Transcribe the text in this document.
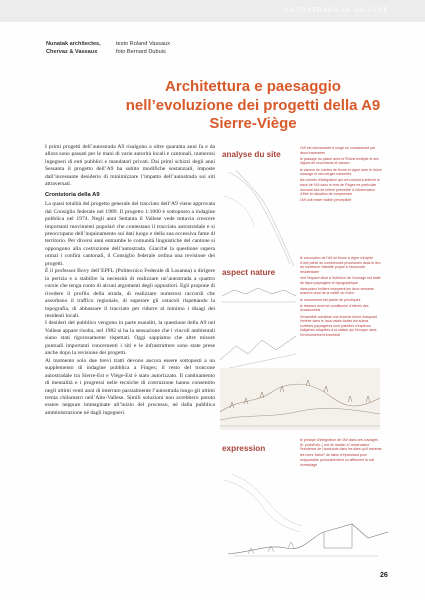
AUTOSTRADA A9 VALLESE
Nunatak architectes,
Chervaz & Vassaux
testo Roland Vassaux
foto Bernard Dubuis
Architettura e paesaggio nell’evoluzione dei progetti della A9 Sierre-Viège

I primi progetti dell’autostrada A9 risalgono a oltre quaranta anni fa e da allora sono passati per le mani di varie autorità locali e cantonali, numerosi ingegneri di enti pubblici e mandatari privati. Dai primi schizzi degli anni Sessanta il progetto dell’A9 ha subito modifiche sostanziali, imposte dall’incessante desiderio di minimizzare l’impatto dell’autostrada sui siti attraversati.

Cronistoria della A9

La quasi totalità del progetto generale del tracciato dell’A9 viene approvata dal Consiglio federale nel 1989. Il progetto 1:1000 è sottoposto a indagine pubblica nel 1974. Negli anni Settanta il Vallese vede tuttavia crescere importanti movimenti popolari che contestano il tracciato autostradale e si preoccupano dell’inquinamento sui dati luogo e della sua eccessiva fame di territorio. Per diversi anni entrambe le comunità linguistiche del cantone si oppongono alla costruzione dell’autostrada. Giacché la questione supera ormai i confini cantonali, il Consiglio federale ordina una revisione dei progetti.

È il professor Bovy dell’EPFL (Politecnico Federale di Losanna) a dirigere la perizia e a stabilire la necessità di realizzare un’autostrada a quattro corsie che tenga conto di alcuni argomenti degli oppositori. Egli propone di rivedere il profilo della strada, di realizzare numerosi raccordi che assorbano il traffico regionale, di superare gli ostacoli rispettando la topografia, di abbassare il tracciato per ridurre al minimo i disagi dei residenti locali.

I desideri del pubblico vengono in parte esauditi, la questione della A9 nel Vallese appare risolta, nel 1982 si ha la sensazione che i vincoli ambientali siano stati rigorosamente rispettati. Oggi sappiamo che altre misure puntuali importanti concernenti i siti e le infrastrutture sono state prese anche dopo la revisione dei progetti.

Al momento solo due brevi tratti devono ancora essere sottoposti a un supplemento di indagine pubblica a Finges; il resto del troncone autostradale tra Sierre-Est e Viège-Est è stato autorizzato. Il cambiamento di mentalità e i progressi nelle tecniche di costruzione hanno consentito negli ultimi venti anni di interrare parzialmente l’autostrada lungo gli ultimi trenta chilometri nell’Alto-Vallese. Simili soluzioni non avrebbero potuto essere neppure immaginate all’inizio del processo, né dalla pubblica amministrazione né dagli ingegneri.

analyse du site

l’A9 est chevauchée à rouge en concatenant par deux traversées

le passage du plaine avec le Rhône multiple et ses digues de mouchards et canaux

le canevé de voirées de thone et vigne avec le rhône sauvage et ses berges naturelles

les cohorts d’intégration qui ont conduit à enlever le tracé de l’A9 dans le bois de Finges ne particulier donnant tout de même permettre à l’observateur d’être en situation de comprendre

l’A9 doit rester visible perceptible

aspect nature

le conception de l’A9 de thone à vigne s’inspire d’une partie du nombreuses procédurés dans le lieu du confessor l’identité propre à l’autoroute résidentiaire

vert l’espace situé à l’intérieur de l’ouvrage est traité de façon paysagère et topographique

dans plans boîtiers insegnent les deux versants avant en aval de la vallée du rhône

le mouvement est planté de preutiques

le réseaux aval est conditionné d’élevés des occasionnels

l’ensemble constitue une énorme forme marquant l’entrée dans le haut-valais toutes les autres surfaces paysagères sont plantées d’espèces indigènes adaptées à la station qui l’évoque dans l’environnement immédiat

expression

le principe d’intégration de l’A9 dans ces ouvrages (tr. portail etc.,) est de résider à l’observateur l’existence de l’autoroute dans les sites qu’il traverse

les murs “laboir” de laiton d’épandrant pour réapparaître ponctuellement ou affleurent la soil immédiage

26
